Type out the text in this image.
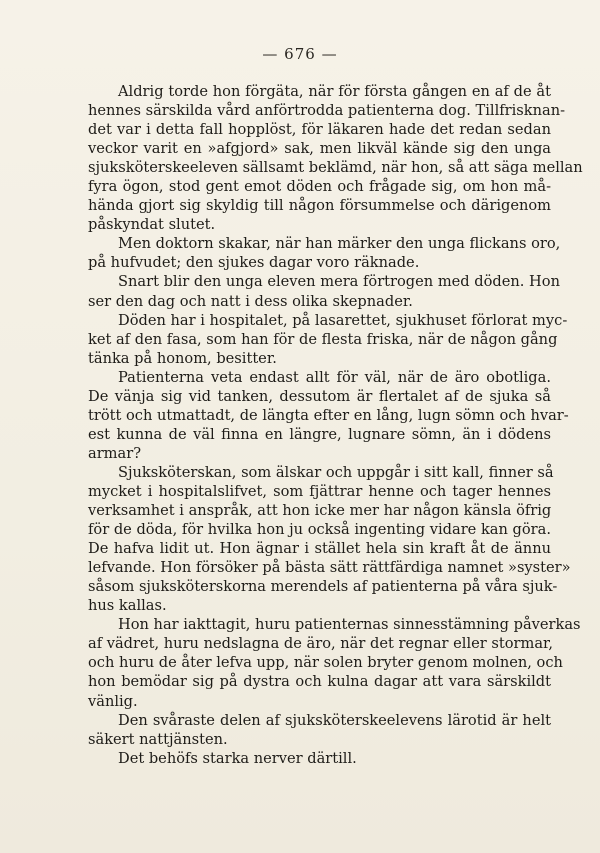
— 676 —
Aldrig torde hon förgäta, när för första gången en af de åt
hennes särskilda vård anförtrodda patienterna dog. Tillfrisknan-
det var i detta fall hopplöst, för läkaren hade det redan sedan
veckor varit en »afgjord» sak, men likväl kände sig den unga
sjuksköterskeeleven sällsamt beklämd, när hon, så att säga mellan
fyra ögon, stod gent emot döden och frågade sig, om hon må-
hända gjort sig skyldig till någon försummelse och därigenom
påskyndat slutet.
Men doktorn skakar, när han märker den unga flickans oro,
på hufvudet; den sjukes dagar voro räknade.
Snart blir den unga eleven mera förtrogen med döden. Hon
ser den dag och natt i dess olika skepnader.
Döden har i hospitalet, på lasarettet, sjukhuset förlorat myc-
ket af den fasa, som han för de flesta friska, när de någon gång
tänka på honom, besitter.
Patienterna veta endast allt för väl, när de äro obotliga.
De vänja sig vid tanken, dessutom är flertalet af de sjuka så
trött och utmattadt, de längta efter en lång, lugn sömn och hvar-
est kunna de väl finna en längre, lugnare sömn, än i dödens
armar?
Sjuksköterskan, som älskar och uppgår i sitt kall, finner så
mycket i hospitalslifvet, som fjättrar henne och tager hennes
verksamhet i anspråk, att hon icke mer har någon känsla öfrig
för de döda, för hvilka hon ju också ingenting vidare kan göra.
De hafva lidit ut. Hon ägnar i stället hela sin kraft åt de ännu
lefvande. Hon försöker på bästa sätt rättfärdiga namnet »syster»
såsom sjuksköterskorna merendels af patienterna på våra sjuk-
hus kallas.
Hon har iakttagit, huru patienternas sinnesstämning påverkas
af vädret, huru nedslagna de äro, när det regnar eller stormar,
och huru de åter lefva upp, när solen bryter genom molnen, och
hon bemödar sig på dystra och kulna dagar att vara särskildt
vänlig.
Den svåraste delen af sjuksköterskeelevens lärotid är helt
säkert nattjänsten.
Det behöfs starka nerver därtill.
